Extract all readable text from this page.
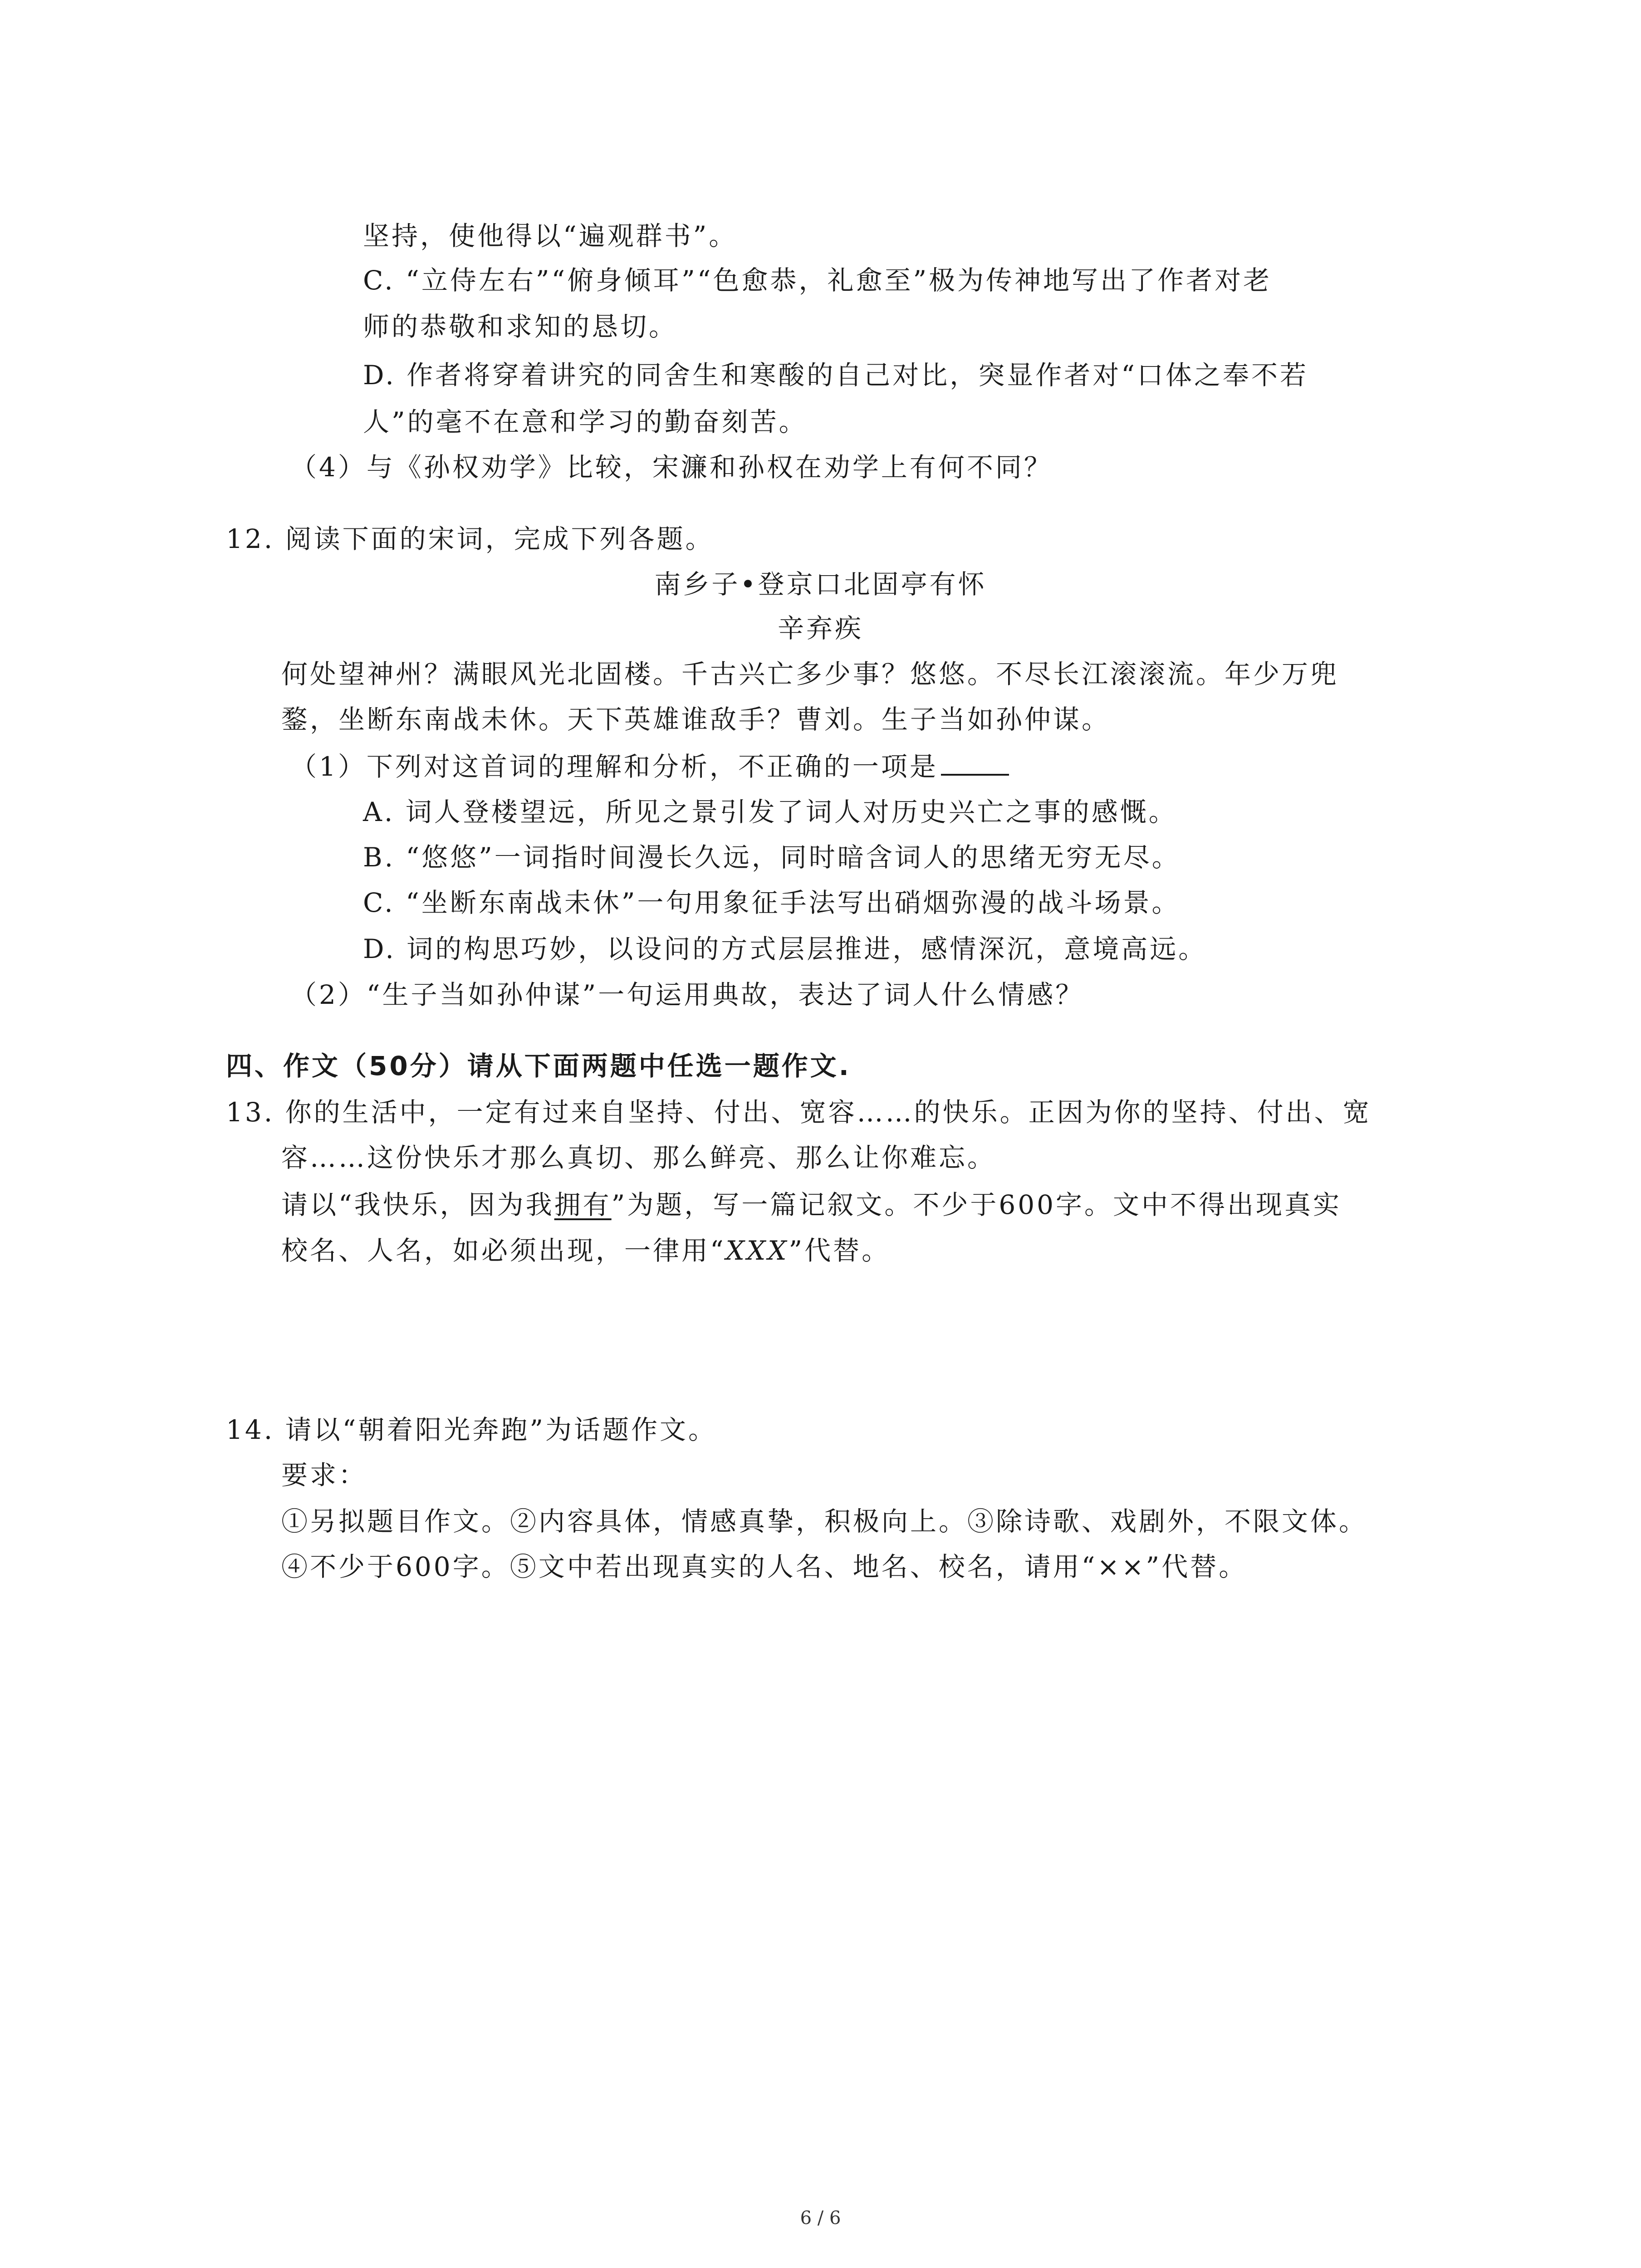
坚持，使他得以“遍观群书”。
C. “立侍左右”“俯身倾耳”“色愈恭，礼愈至”极为传神地写出了作者对老
师的恭敬和求知的恳切。
D. 作者将穿着讲究的同舍生和寒酸的自己对比，突显作者对“口体之奉不若
人”的毫不在意和学习的勤奋刻苦。
（4）与《孙权劝学》比较，宋濂和孙权在劝学上有何不同？
12. 阅读下面的宋词，完成下列各题。
南乡子•登京口北固亭有怀
辛弃疾
何处望神州？满眼风光北固楼。千古兴亡多少事？悠悠。不尽长江滚滚流。年少万兜
鍪，坐断东南战未休。天下英雄谁敌手？曹刘。生子当如孙仲谋。
（1）下列对这首词的理解和分析，不正确的一项是
A. 词人登楼望远，所见之景引发了词人对历史兴亡之事的感慨。
B. “悠悠”一词指时间漫长久远，同时暗含词人的思绪无穷无尽。
C. “坐断东南战未休”一句用象征手法写出硝烟弥漫的战斗场景。
D. 词的构思巧妙，以设问的方式层层推进，感情深沉，意境高远。
（2）“生子当如孙仲谋”一句运用典故，表达了词人什么情感？
四、作文（50分）请从下面两题中任选一题作文.
13. 你的生活中，一定有过来自坚持、付出、宽容……的快乐。正因为你的坚持、付出、宽
容……这份快乐才那么真切、那么鲜亮、那么让你难忘。
请以“我快乐，因为我拥有”为题，写一篇记叙文。不少于600字。文中不得出现真实
校名、人名，如必须出现，一律用“XXX”代替。
14. 请以“朝着阳光奔跑”为话题作文。
要求：
①另拟题目作文。②内容具体，情感真挚，积极向上。③除诗歌、戏剧外，不限文体。
④不少于600字。⑤文中若出现真实的人名、地名、校名，请用“××”代替。
6 / 6
